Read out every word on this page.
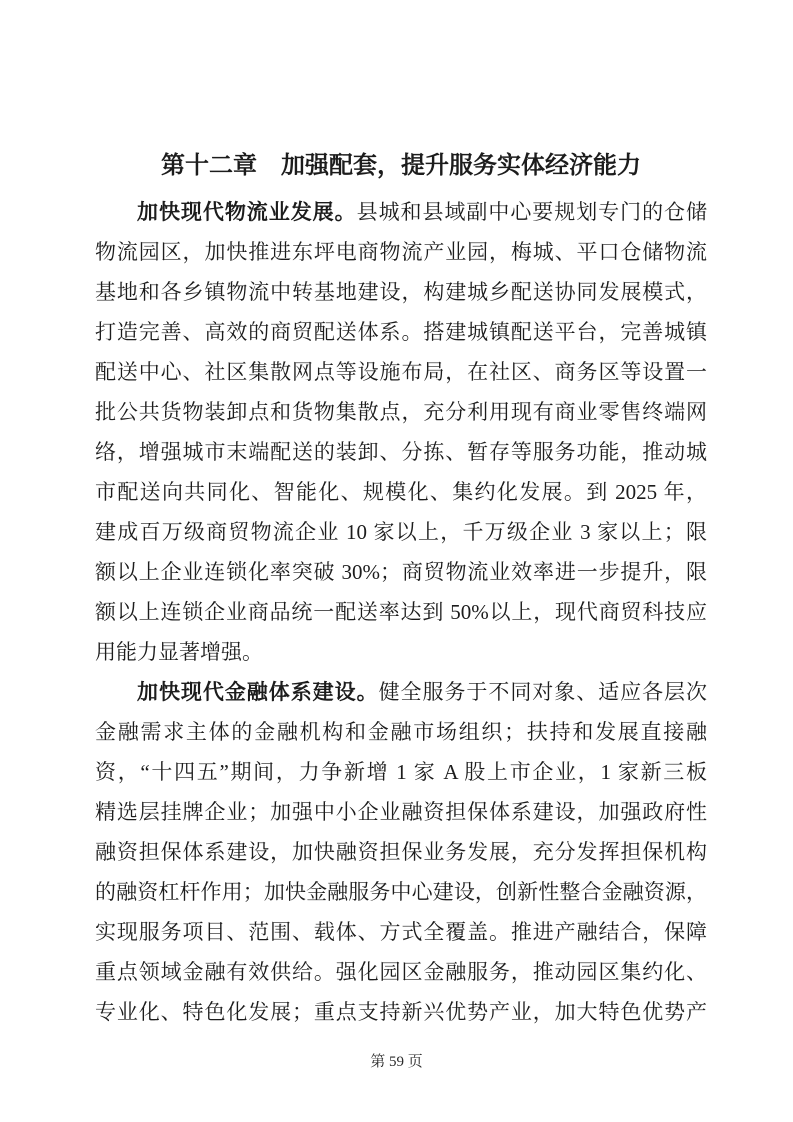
第十二章　加强配套，提升服务实体经济能力
加快现代物流业发展。县城和县域副中心要规划专门的仓储
物流园区，加快推进东坪电商物流产业园，梅城、平口仓储物流
基地和各乡镇物流中转基地建设，构建城乡配送协同发展模式，
打造完善、高效的商贸配送体系。搭建城镇配送平台，完善城镇
配送中心、社区集散网点等设施布局，在社区、商务区等设置一
批公共货物装卸点和货物集散点，充分利用现有商业零售终端网
络，增强城市末端配送的装卸、分拣、暂存等服务功能，推动城
市配送向共同化、智能化、规模化、集约化发展。到 2025 年，
建成百万级商贸物流企业 10 家以上，千万级企业 3 家以上；限
额以上企业连锁化率突破 30%；商贸物流业效率进一步提升，限
额以上连锁企业商品统一配送率达到 50%以上，现代商贸科技应
用能力显著增强。
加快现代金融体系建设。健全服务于不同对象、适应各层次
金融需求主体的金融机构和金融市场组织；扶持和发展直接融
资，“十四五”期间，力争新增 1 家 A 股上市企业，1 家新三板
精选层挂牌企业；加强中小企业融资担保体系建设，加强政府性
融资担保体系建设，加快融资担保业务发展，充分发挥担保机构
的融资杠杆作用；加快金融服务中心建设，创新性整合金融资源，
实现服务项目、范围、载体、方式全覆盖。推进产融结合，保障
重点领域金融有效供给。强化园区金融服务，推动园区集约化、
专业化、特色化发展；重点支持新兴优势产业，加大特色优势产
第 59 页
